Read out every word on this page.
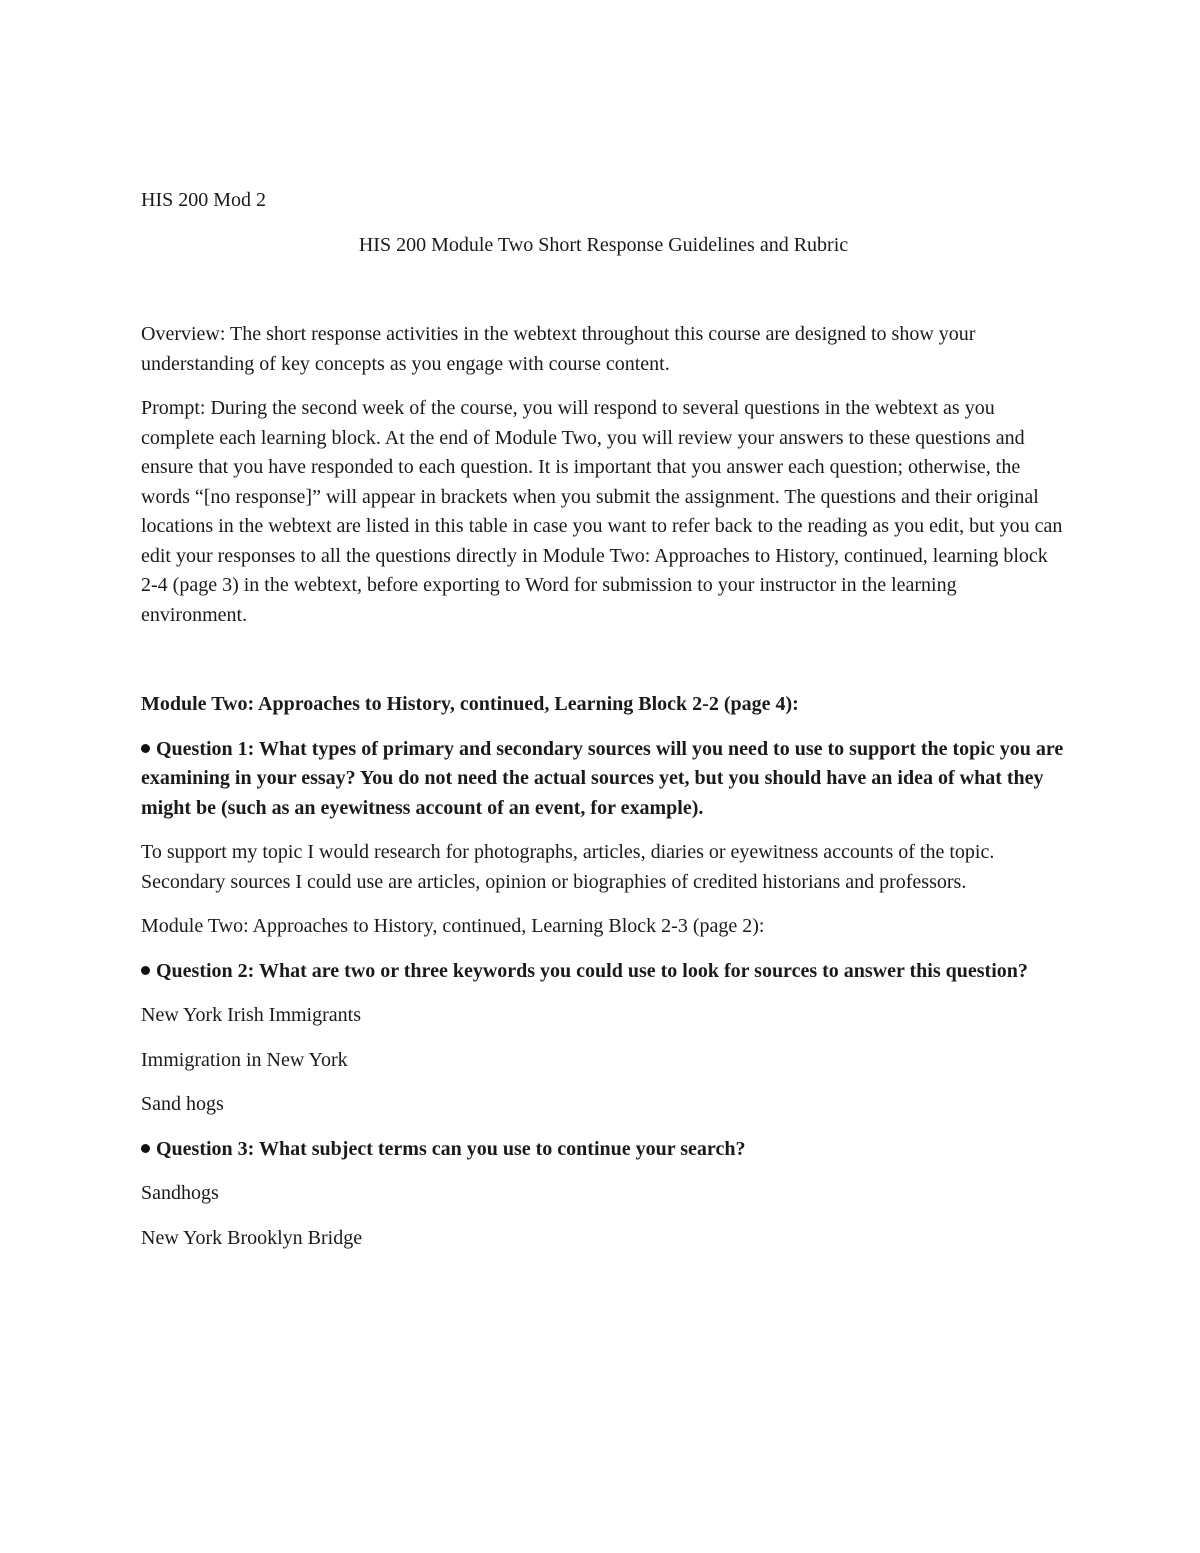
HIS 200 Mod 2

HIS 200 Module Two Short Response Guidelines and Rubric

Overview: The short response activities in the webtext throughout this course are designed to show your understanding of key concepts as you engage with course content.

Prompt: During the second week of the course, you will respond to several questions in the webtext as you complete each learning block. At the end of Module Two, you will review your answers to these questions and ensure that you have responded to each question. It is important that you answer each question; otherwise, the words “[no response]” will appear in brackets when you submit the assignment. The questions and their original locations in the webtext are listed in this table in case you want to refer back to the reading as you edit, but you can edit your responses to all the questions directly in Module Two: Approaches to History, continued, learning block 2-4 (page 3) in the webtext, before exporting to Word for submission to your instructor in the learning environment.

Module Two: Approaches to History, continued, Learning Block 2-2 (page 4):

Question 1: What types of primary and secondary sources will you need to use to support the topic you are examining in your essay? You do not need the actual sources yet, but you should have an idea of what they might be (such as an eyewitness account of an event, for example).

To support my topic I would research for photographs, articles, diaries or eyewitness accounts of the topic. Secondary sources I could use are articles, opinion or biographies of credited historians and professors.

Module Two: Approaches to History, continued, Learning Block 2-3 (page 2):

Question 2: What are two or three keywords you could use to look for sources to answer this question?

New York Irish Immigrants

Immigration in New York

Sand hogs

Question 3: What subject terms can you use to continue your search?

Sandhogs

New York Brooklyn Bridge
